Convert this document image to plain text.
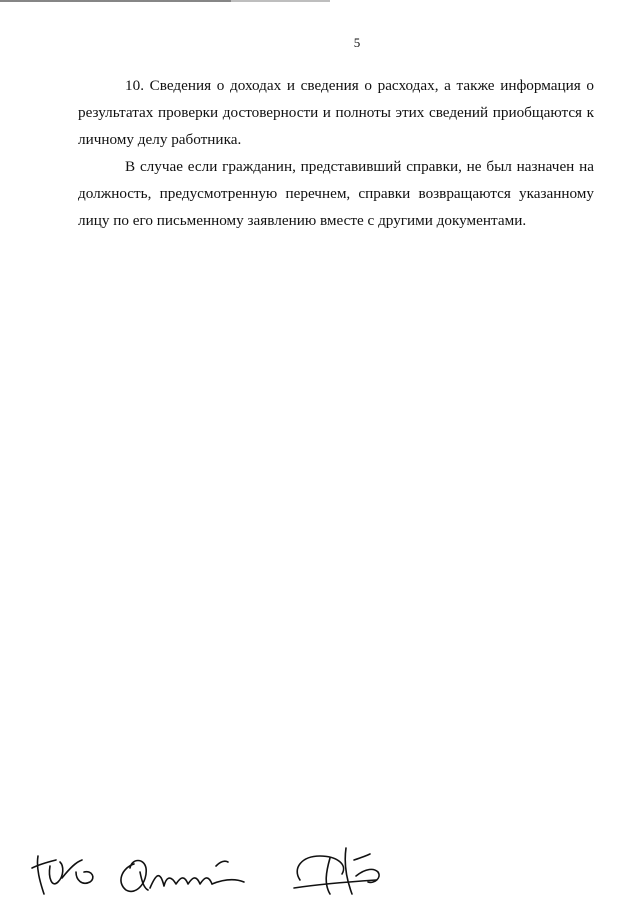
5

10. Сведения о доходах и сведения о расходах, а также информация о результатах проверки достоверности и полноты этих сведений приобщаются к личному делу работника.

В случае если гражданин, представивший справки, не был назначен на должность, предусмотренную перечнем, справки возвращаются указанному лицу по его письменному заявлению вместе с другими документами.
